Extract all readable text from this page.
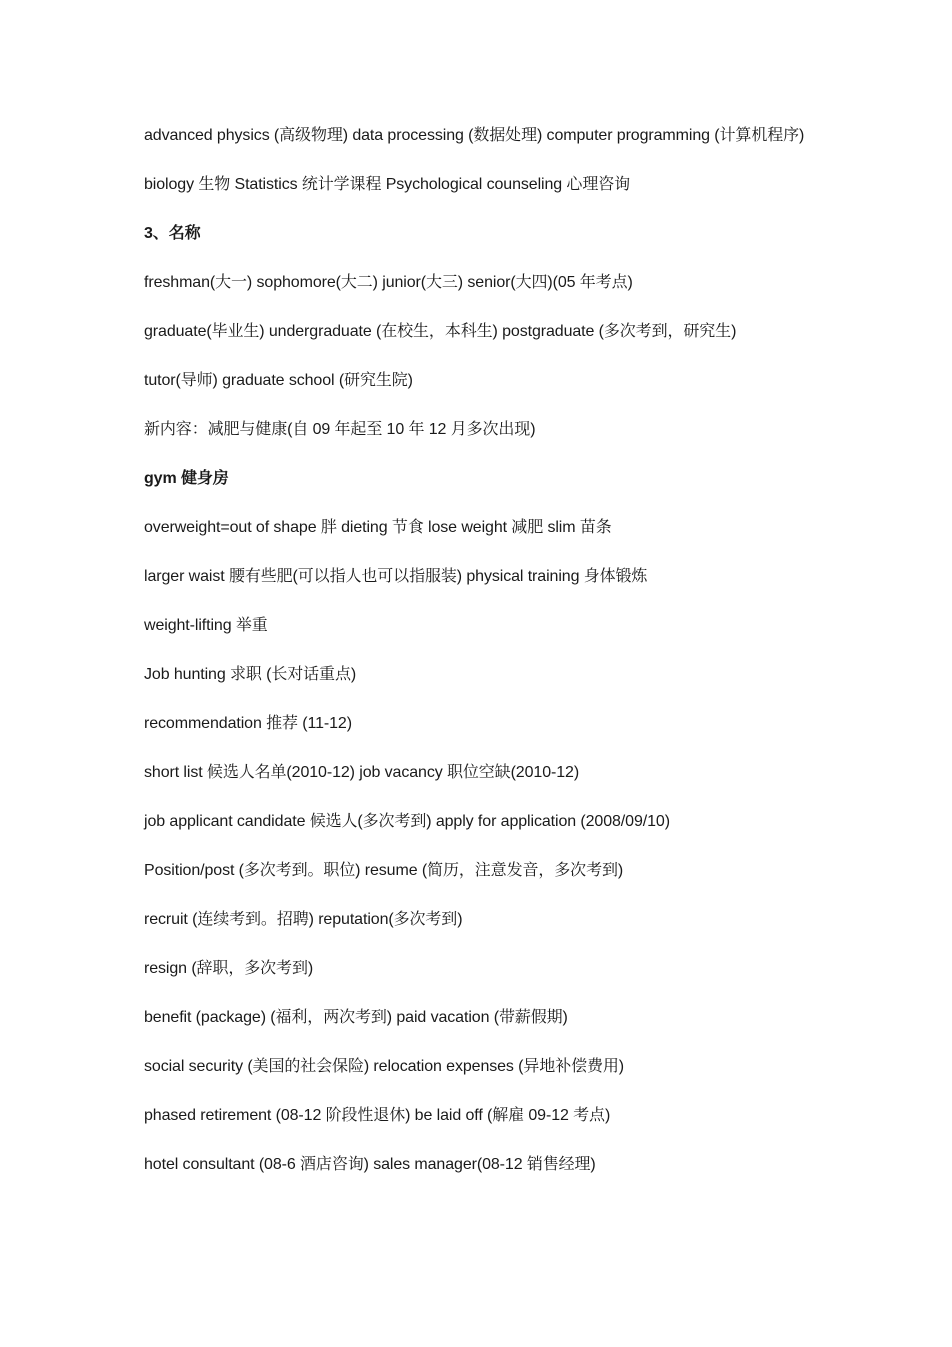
advanced physics (高级物理) data processing (数据处理) computer programming (计算机程序)

biology 生物 Statistics 统计学课程 Psychological counseling 心理咨询

3、名称

freshman(大一) sophomore(大二) junior(大三) senior(大四)(05 年考点)

graduate(毕业生) undergraduate (在校生，本科生) postgraduate (多次考到，研究生)

tutor(导师) graduate school (研究生院)

新内容：减肥与健康(自 09 年起至 10 年 12 月多次出现)

gym 健身房

overweight=out of shape 胖 dieting 节食 lose weight 减肥 slim 苗条

larger waist 腰有些肥(可以指人也可以指服装) physical training 身体锻炼

weight-lifting 举重

Job hunting 求职 (长对话重点)

recommendation 推荐 (11-12)

short list 候选人名单(2010-12) job vacancy 职位空缺(2010-12)

job applicant candidate 候选人(多次考到) apply for application (2008/09/10)

Position/post (多次考到。职位) resume (简历，注意发音，多次考到)

recruit (连续考到。招聘) reputation(多次考到)

resign (辞职，多次考到)

benefit (package) (福利，两次考到) paid vacation (带薪假期)

social security (美国的社会保险) relocation expenses (异地补偿费用)

phased retirement (08-12 阶段性退休) be laid off (解雇 09-12 考点)

hotel consultant (08-6 酒店咨询) sales manager(08-12 销售经理)
